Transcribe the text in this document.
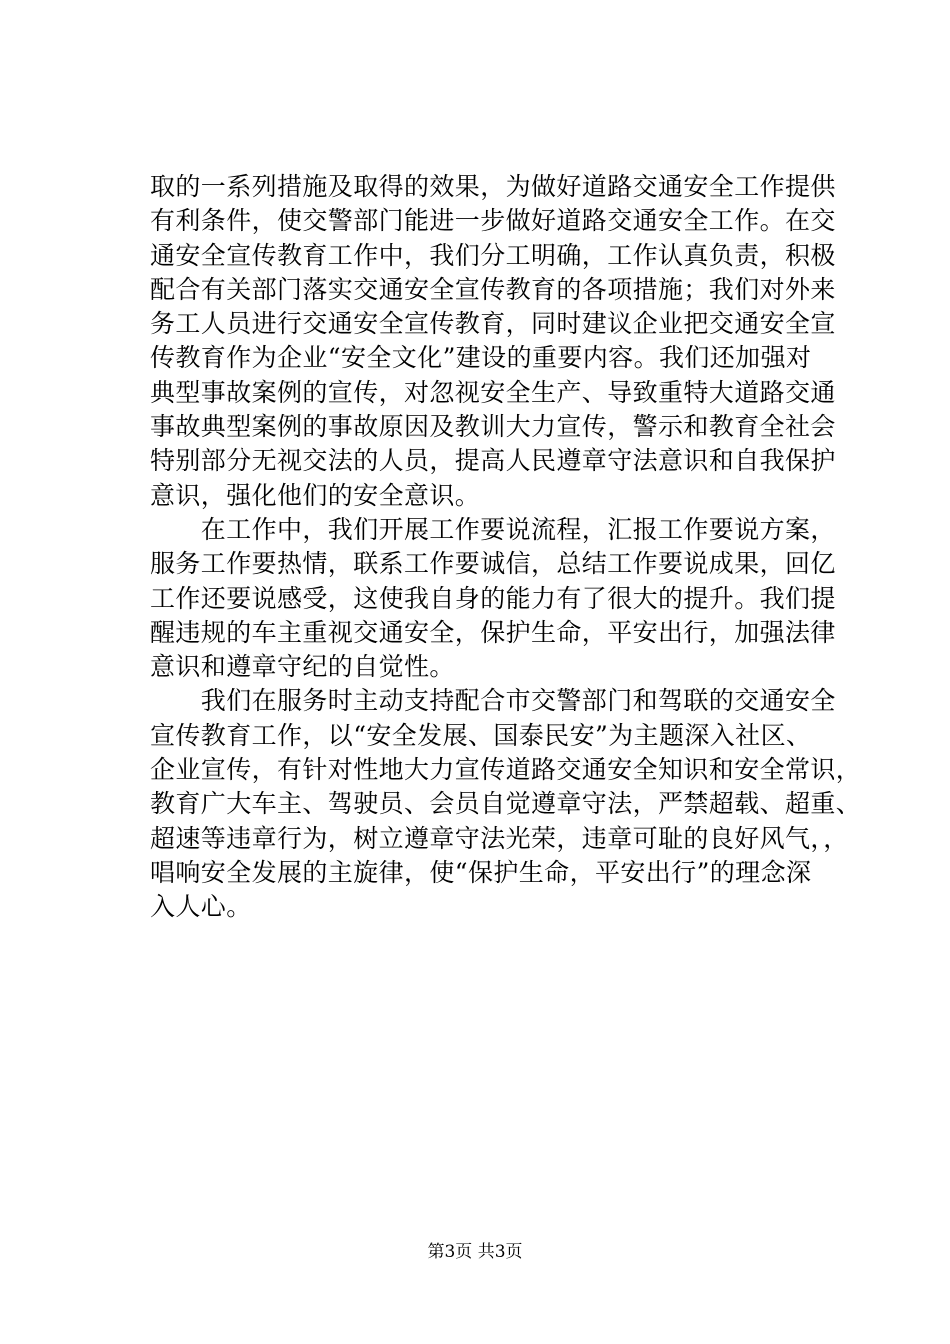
取的一系列措施及取得的效果，为做好道路交通安全工作提供
有利条件，使交警部门能进一步做好道路交通安全工作。在交
通安全宣传教育工作中，我们分工明确，工作认真负责，积极
配合有关部门落实交通安全宣传教育的各项措施；我们对外来
务工人员进行交通安全宣传教育，同时建议企业把交通安全宣
传教育作为企业“安全文化”建设的重要内容。我们还加强对
典型事故案例的宣传，对忽视安全生产、导致重特大道路交通
事故典型案例的事故原因及教训大力宣传，警示和教育全社会
特别部分无视交法的人员，提高人民遵章守法意识和自我保护
意识，强化他们的安全意识。
　　在工作中，我们开展工作要说流程，汇报工作要说方案，
服务工作要热情，联系工作要诚信，总结工作要说成果，回亿
工作还要说感受，这使我自身的能力有了很大的提升。我们提
醒违规的车主重视交通安全，保护生命，平安出行，加强法律
意识和遵章守纪的自觉性。
　　我们在服务时主动支持配合市交警部门和驾联的交通安全
宣传教育工作，以“安全发展、国泰民安”为主题深入社区、
企业宣传，有针对性地大力宣传道路交通安全知识和安全常识，
教育广大车主、驾驶员、会员自觉遵章守法，严禁超载、超重、
超速等违章行为，树立遵章守法光荣，违章可耻的良好风气，，
唱响安全发展的主旋律，使“保护生命，平安出行”的理念深
入人心。
第3页 共3页
